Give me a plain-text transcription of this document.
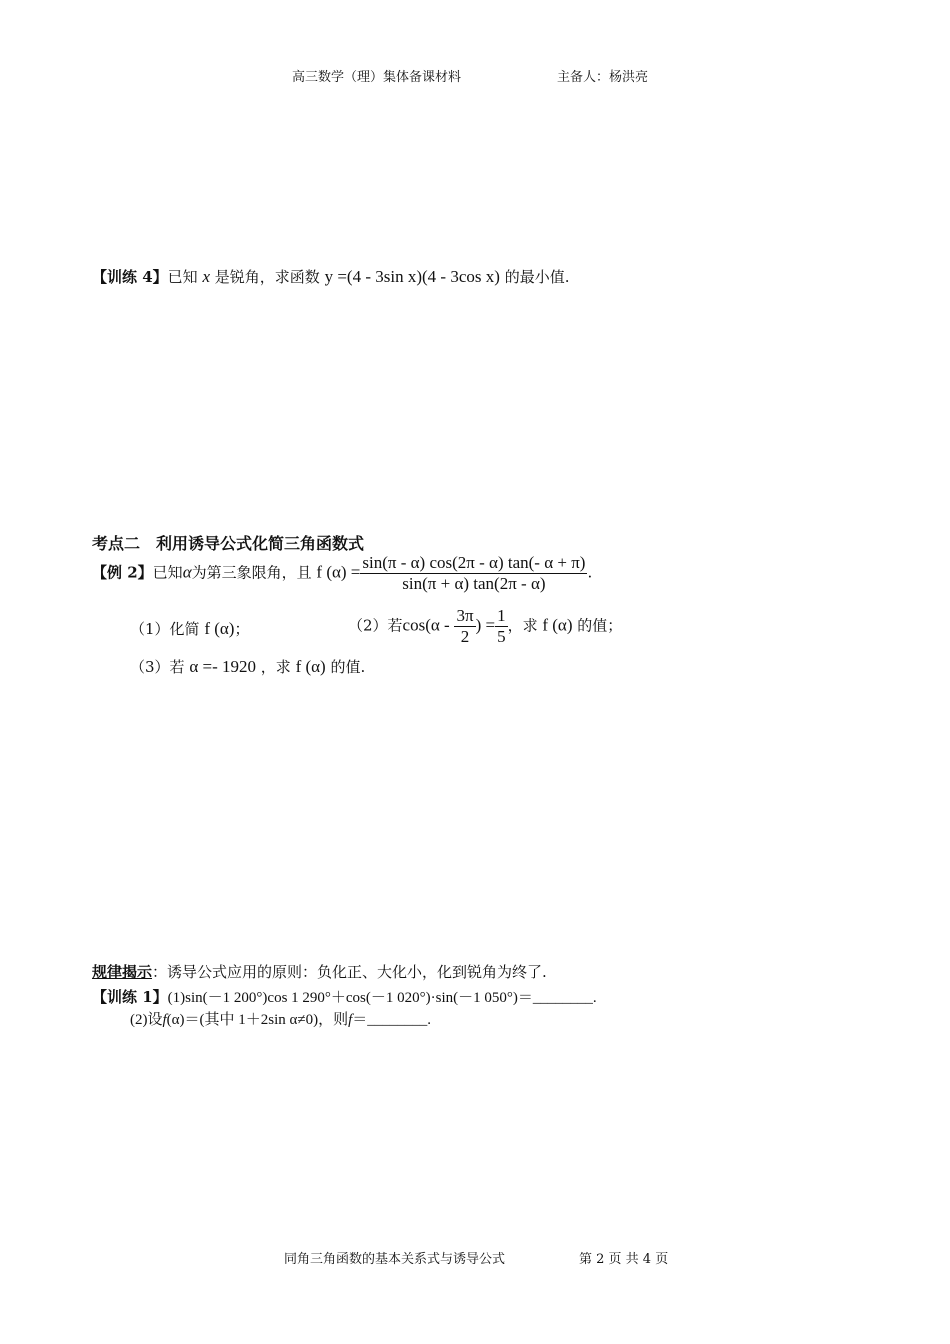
高三数学（理）集体备课材料	主备人：杨洪亮
【训练 4】已知 x 是锐角，求函数 y =(4 - 3sin x)(4 - 3cos x) 的最小值.
考点二　利用诱导公式化简三角函数式
【例 2】已知α为第三象限角，且 f $(\alpha) = \frac{\sin(\pi - \alpha) \cos(2\pi - \alpha) \tan(- \alpha + \pi)}{\sin(\pi + \alpha) \tan(2\pi - \alpha)}$ .
（1）化简 f (α)；	（2）若$\cos(\alpha - \frac{3\pi}{2}$ ) = $\frac{1}{5}$ ，求 f (α) 的值；
（3）若 α =- 1920 ，求 f (α) 的值.
规律揭示：诱导公式应用的原则：负化正、大化小，化到锐角为终了.
【训练 1】(1)sin(－1 200°)cos 1 290°＋cos(－1 020°)·sin(－1 050°)＝________.
(2)设f(α)＝(其中 1＋2sin α≠0)，则f＝________.
同角三角函数的基本关系式与诱导公式	第 2 页 共 4 页
